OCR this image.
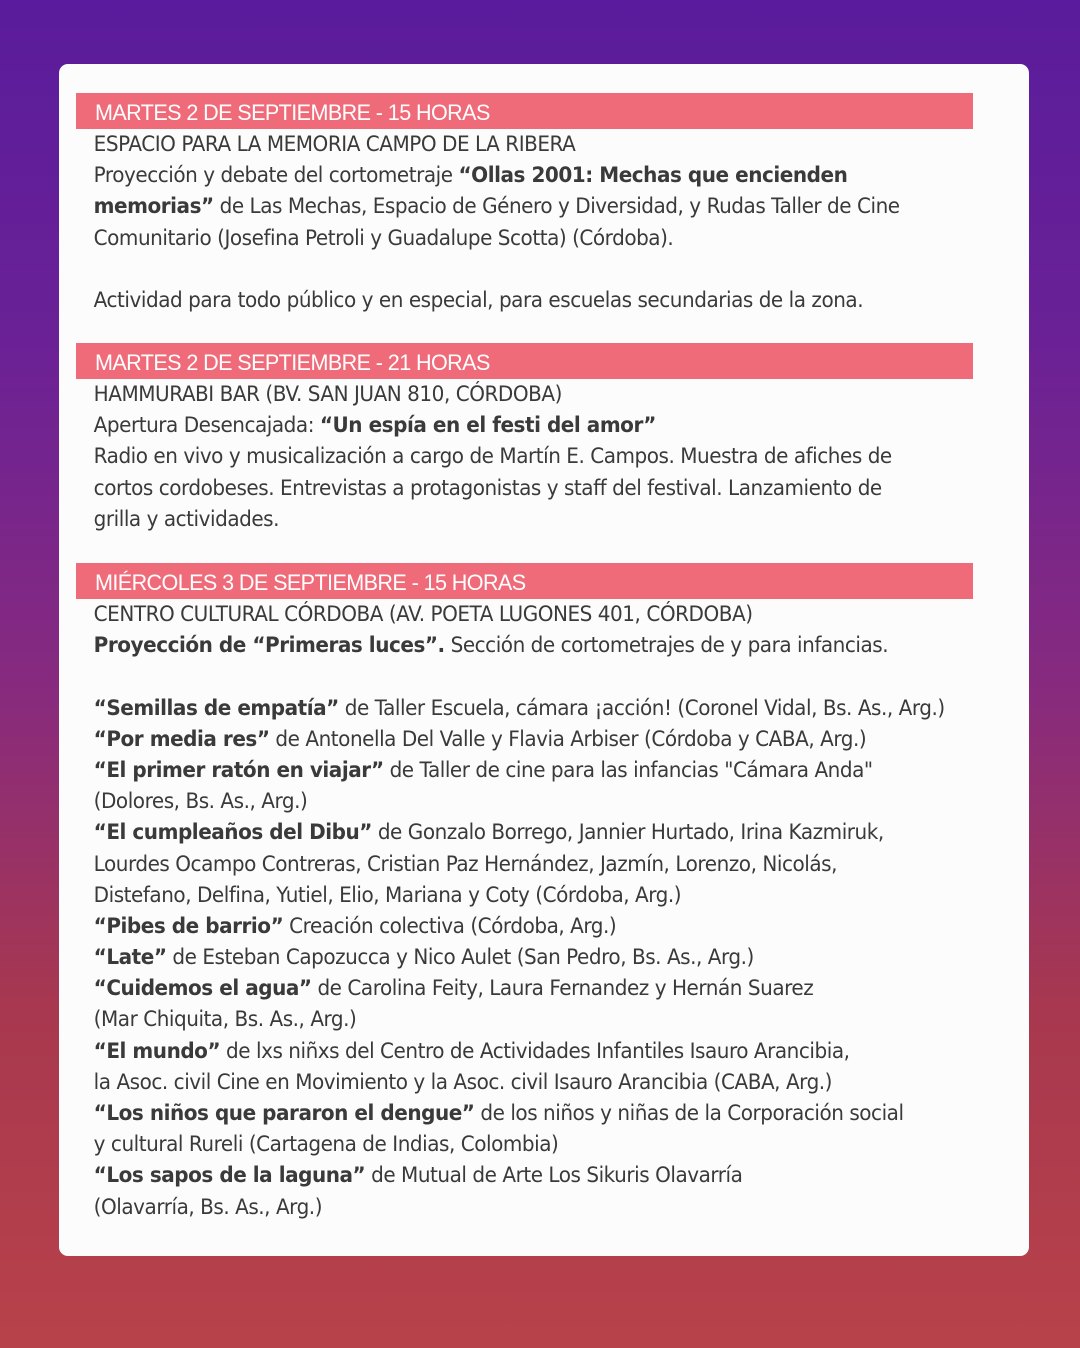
MARTES 2 DE SEPTIEMBRE - 15 HORAS
ESPACIO PARA LA MEMORIA CAMPO DE LA RIBERA
Proyección y debate del cortometraje “Ollas 2001: Mechas que encienden
memorias” de Las Mechas, Espacio de Género y Diversidad, y Rudas Taller de Cine
Comunitario (Josefina Petroli y Guadalupe Scotta) (Córdoba).
Actividad para todo público y en especial, para escuelas secundarias de la zona.
MARTES 2 DE SEPTIEMBRE - 21 HORAS
HAMMURABI BAR (BV. SAN JUAN 810, CÓRDOBA)
Apertura Desencajada: “Un espía en el festi del amor”
Radio en vivo y musicalización a cargo de Martín E. Campos. Muestra de afiches de
cortos cordobeses. Entrevistas a protagonistas y staff del festival. Lanzamiento de
grilla y actividades.
MIÉRCOLES 3 DE SEPTIEMBRE - 15 HORAS
CENTRO CULTURAL CÓRDOBA (AV. POETA LUGONES 401, CÓRDOBA)
Proyección de “Primeras luces”. Sección de cortometrajes de y para infancias.
“Semillas de empatía” de Taller Escuela, cámara ¡acción! (Coronel Vidal, Bs. As., Arg.)
“Por media res” de Antonella Del Valle y Flavia Arbiser (Córdoba y CABA, Arg.)
“El primer ratón en viajar” de Taller de cine para las infancias "Cámara Anda"
(Dolores, Bs. As., Arg.)
“El cumpleaños del Dibu” de Gonzalo Borrego, Jannier Hurtado, Irina Kazmiruk,
Lourdes Ocampo Contreras, Cristian Paz Hernández, Jazmín, Lorenzo, Nicolás,
Distefano, Delfina, Yutiel, Elio, Mariana y Coty (Córdoba, Arg.)
“Pibes de barrio” Creación colectiva (Córdoba, Arg.)
“Late” de Esteban Capozucca y Nico Aulet (San Pedro, Bs. As., Arg.)
“Cuidemos el agua” de Carolina Feity, Laura Fernandez y Hernán Suarez
(Mar Chiquita, Bs. As., Arg.)
“El mundo” de lxs niñxs del Centro de Actividades Infantiles Isauro Arancibia,
la Asoc. civil Cine en Movimiento y la Asoc. civil Isauro Arancibia (CABA, Arg.)
“Los niños que pararon el dengue” de los niños y niñas de la Corporación social
y cultural Rureli (Cartagena de Indias, Colombia)
“Los sapos de la laguna” de Mutual de Arte Los Sikuris Olavarría
(Olavarría, Bs. As., Arg.)
